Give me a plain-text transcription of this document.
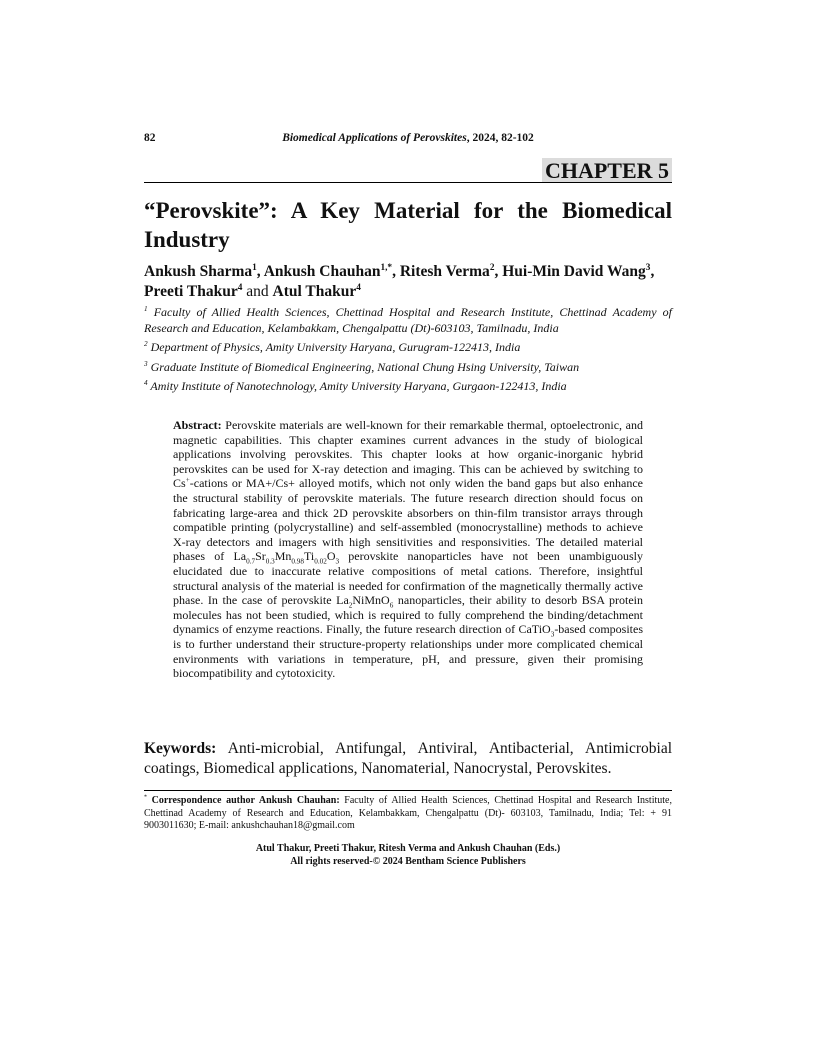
82	Biomedical Applications of Perovskites, 2024, 82-102
CHAPTER 5
“Perovskite”: A Key Material for the Biomedical Industry

Ankush Sharma$^1$, Ankush Chauhan$^{1,*}$, Ritesh Verma$^2$, Hui-Min David Wang$^3$, Preeti Thakur$^4$ and Atul Thakur$^4$

$^1$ Faculty of Allied Health Sciences, Chettinad Hospital and Research Institute, Chettinad Academy of Research and Education, Kelambakkam, Chengalpattu (Dt)-603103, Tamilnadu, India

$^2$ Department of Physics, Amity University Haryana, Gurugram-122413, India

$^3$ Graduate Institute of Biomedical Engineering, National Chung Hsing University, Taiwan

$^4$ Amity Institute of Nanotechnology, Amity University Haryana, Gurgaon-122413, India

Abstract: Perovskite materials are well-known for their remarkable thermal, optoelectronic, and magnetic capabilities. This chapter examines current advances in the study of biological applications involving perovskites. This chapter looks at how organic-inorganic hybrid perovskites can be used for X-ray detection and imaging. This can be achieved by switching to Cs+-cations or MA+/Cs+ alloyed motifs, which not only widen the band gaps but also enhance the structural stability of perovskite materials. The future research direction should focus on fabricating large-area and thick 2D perovskite absorbers on thin-film transistor arrays through compatible printing (polycrystalline) and self-assembled (monocrystalline) methods to achieve X-ray detectors and imagers with high sensitivities and responsivities. The detailed material phases of $La_{0.7}Sr_{0.3}Mn_{0.98}Ti_{0.02}O_3$ perovskite nanoparticles have not been unambiguously elucidated due to inaccurate relative compositions of metal cations. Therefore, insightful structural analysis of the material is needed for confirmation of the magnetically thermally active phase. In the case of perovskite $La_2NiMnO_6$ nanoparticles, their ability to desorb BSA protein molecules has not been studied, which is required to fully comprehend the binding/detachment dynamics of enzyme reactions. Finally, the future research direction of CaTiO$_3$-based composites is to further understand their structure-property relationships under more complicated chemical environments with variations in temperature, pH, and pressure, given their promising biocompatibility and cytotoxicity.

Keywords: Anti-microbial, Antifungal, Antiviral, Antibacterial, Antimicrobial coatings, Biomedical applications, Nanomaterial, Nanocrystal, Perovskites.

* Correspondence author Ankush Chauhan: Faculty of Allied Health Sciences, Chettinad Hospital and Research Institute, Chettinad Academy of Research and Education, Kelambakkam, Chengalpattu (Dt)- 603103, Tamilnadu, India; Tel: + 91 9003011630; E-mail: ankushchauhan18@gmail.com

Atul Thakur, Preeti Thakur, Ritesh Verma and Ankush Chauhan (Eds.)
All rights reserved-© 2024 Bentham Science Publishers
